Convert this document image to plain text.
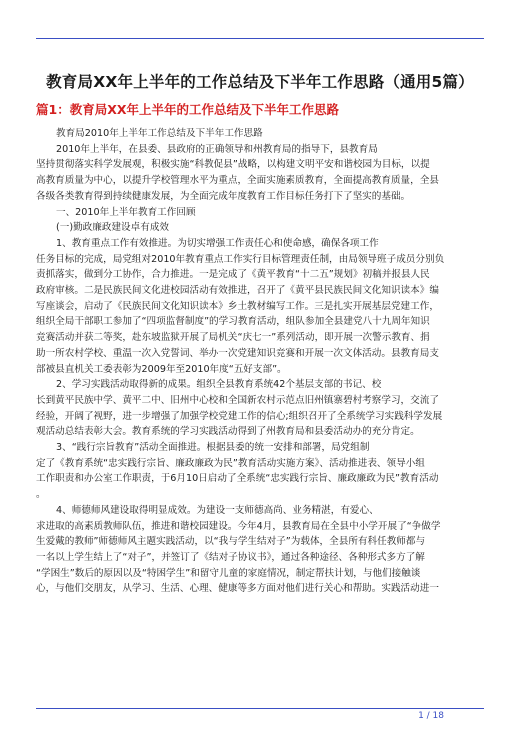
教育局XX年上半年的工作总结及下半年工作思路（通用5篇）
篇1：教育局XX年上半年的工作总结及下半年工作思路

教育局2010年上半年工作总结及下半年工作思路

2010年上半年，在县委、县政府的正确领导和州教育局的指导下，县教育局
坚持贯彻落实科学发展观，积极实施“科教促县”战略，以构建文明平安和谐校园为目标，以提
高教育质量为中心，以提升学校管理水平为重点，全面实施素质教育，全面提高教育质量，全县
各级各类教育得到持续健康发展，为全面完成年度教育工作目标任务打下了坚实的基础。

一、2010年上半年教育工作回顾

(一)勤政廉政建设卓有成效

1、教育重点工作有效推进。为切实增强工作责任心和使命感，确保各项工作
任务目标的完成，局党组对2010年教育重点工作实行目标管理责任制，由局领导班子成员分别负
责抓落实，做到分工协作，合力推进。一是完成了《黄平教育“十二五”规划》初稿并报县人民
政府审核。二是民族民间文化进校园活动有效推进，召开了《黄平县民族民间文化知识读本》编
写座谈会，启动了《民族民间文化知识读本》乡土教材编写工作。三是扎实开展基层党建工作，
组织全局干部职工参加了“四项监督制度”的学习教育活动，组队参加全县建党八十九周年知识
竞赛活动并获二等奖，赴东坡监狱开展了局机关“庆七一”系列活动，即开展一次警示教育、捐
助一所农村学校、重温一次入党誓词、举办一次党建知识竞赛和开展一次文体活动。县教育局支
部被县直机关工委表彰为2009年至2010年度“五好支部”。

2、学习实践活动取得新的成果。组织全县教育系统42个基层支部的书记、校
长到黄平民族中学、黄平二中、旧州中心校和全国新农村示范点旧州镇寨碧村考察学习，交流了
经验，开阔了视野，进一步增强了加强学校党建工作的信心;组织召开了全系统学习实践科学发展
观活动总结表彰大会。教育系统的学习实践活动得到了州教育局和县委活动办的充分肯定。

3、“践行宗旨教育”活动全面推进。根据县委的统一安排和部署，局党组制
定了《教育系统“忠实践行宗旨、廉政廉政为民”教育活动实施方案》、活动推进表、领导小组
工作职责和办公室工作职责，于6月10日启动了全系统“忠实践行宗旨、廉政廉政为民”教育活动
。

4、师德师风建设取得明显成效。为建设一支师德高尚、业务精湛，有爱心、
求进取的高素质教师队伍，推进和谐校园建设。今年4月，县教育局在全县中小学开展了“争做学
生爱戴的教师”师德师风主题实践活动，以“我与学生结对子”为载体，全县所有科任教师都与
一名以上学生结上了“对子”，并签订了《结对子协议书》，通过各种途径、各种形式多方了解
“学困生”数后的原因以及“特困学生”和留守儿童的家庭情况，制定帮扶计划，与他们接触谈
心，与他们交朋友，从学习、生活、心理、健康等多方面对他们进行关心和帮助。实践活动进一

1 / 18
